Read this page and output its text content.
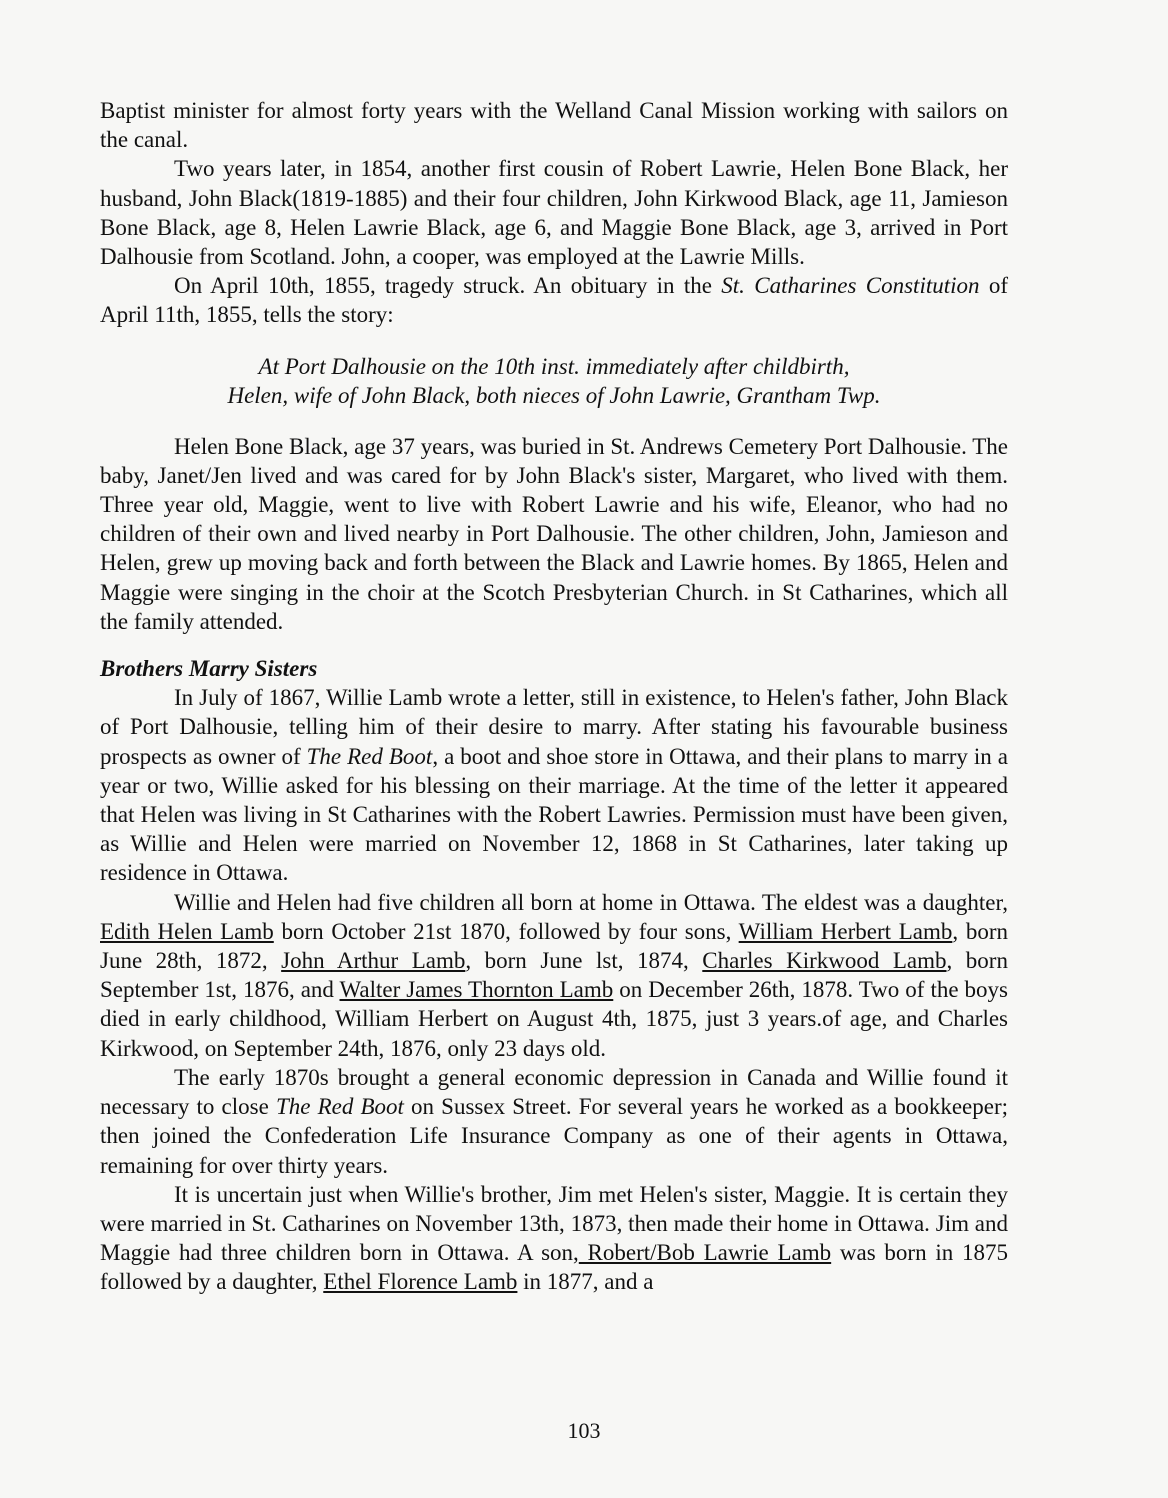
Baptist minister for almost forty years with the Welland Canal Mission working with sailors on the canal.

Two years later, in 1854, another first cousin of Robert Lawrie, Helen Bone Black, her husband, John Black(1819-1885) and their four children, John Kirkwood Black, age 11, Jamieson Bone Black, age 8, Helen Lawrie Black, age 6, and Maggie Bone Black, age 3, arrived in Port Dalhousie from Scotland. John, a cooper, was employed at the Lawrie Mills.

On April 10th, 1855, tragedy struck. An obituary in the St. Catharines Constitution of April 11th, 1855, tells the story:

At Port Dalhousie on the 10th inst. immediately after childbirth,

Helen, wife of John Black, both nieces of John Lawrie, Grantham Twp.

Helen Bone Black, age 37 years, was buried in St. Andrews Cemetery Port Dalhousie. The baby, Janet/Jen lived and was cared for by John Black's sister, Margaret, who lived with them. Three year old, Maggie, went to live with Robert Lawrie and his wife, Eleanor, who had no children of their own and lived nearby in Port Dalhousie. The other children, John, Jamieson and Helen, grew up moving back and forth between the Black and Lawrie homes. By 1865, Helen and Maggie were singing in the choir at the Scotch Presbyterian Church. in St Catharines, which all the family attended.

Brothers Marry Sisters

In July of 1867, Willie Lamb wrote a letter, still in existence, to Helen's father, John Black of Port Dalhousie, telling him of their desire to marry. After stating his favourable business prospects as owner of The Red Boot, a boot and shoe store in Ottawa, and their plans to marry in a year or two, Willie asked for his blessing on their marriage. At the time of the letter it appeared that Helen was living in St Catharines with the Robert Lawries. Permission must have been given, as Willie and Helen were married on November 12, 1868 in St Catharines, later taking up residence in Ottawa.

Willie and Helen had five children all born at home in Ottawa. The eldest was a daughter, Edith Helen Lamb born October 21st 1870, followed by four sons, William Herbert Lamb, born June 28th, 1872, John Arthur Lamb, born June lst, 1874, Charles Kirkwood Lamb, born September 1st, 1876, and Walter James Thornton Lamb on December 26th, 1878. Two of the boys died in early childhood, William Herbert on August 4th, 1875, just 3 years.of age, and Charles Kirkwood, on September 24th, 1876, only 23 days old.

The early 1870s brought a general economic depression in Canada and Willie found it necessary to close The Red Boot on Sussex Street. For several years he worked as a bookkeeper; then joined the Confederation Life Insurance Company as one of their agents in Ottawa, remaining for over thirty years.

It is uncertain just when Willie's brother, Jim met Helen's sister, Maggie. It is certain they were married in St. Catharines on November 13th, 1873, then made their home in Ottawa. Jim and Maggie had three children born in Ottawa. A son, Robert/Bob Lawrie Lamb was born in 1875 followed by a daughter, Ethel Florence Lamb in 1877, and a

103
